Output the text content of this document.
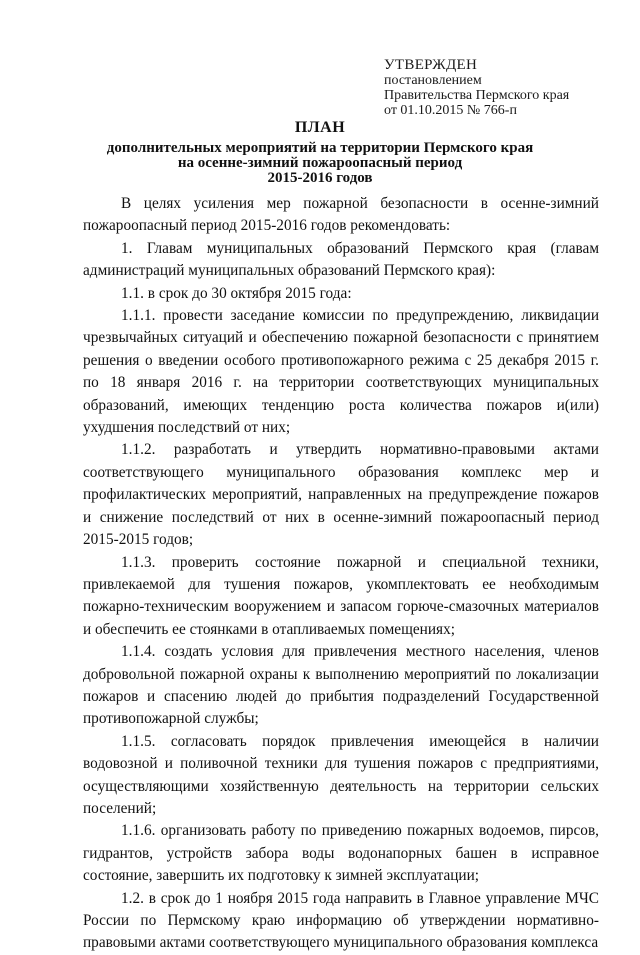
УТВЕРЖДЕН
постановлением
Правительства Пермского края
от 01.10.2015 № 766-п
ПЛАН
дополнительных мероприятий на территории Пермского края
на осенне-зимний пожароопасный период
2015-2016 годов

В целях усиления мер пожарной безопасности в осенне-зимний пожароопасный период 2015-2016 годов рекомендовать:

1. Главам муниципальных образований Пермского края (главам администраций муниципальных образований Пермского края):

1.1. в срок до 30 октября 2015 года:

1.1.1. провести заседание комиссии по предупреждению, ликвидации чрезвычайных ситуаций и обеспечению пожарной безопасности с принятием решения о введении особого противопожарного режима с 25 декабря 2015 г. по 18 января 2016 г. на территории соответствующих муниципальных образований, имеющих тенденцию роста количества пожаров и(или) ухудшения последствий от них;

1.1.2. разработать и утвердить нормативно-правовыми актами соответствующего муниципального образования комплекс мер и профилактических мероприятий, направленных на предупреждение пожаров и снижение последствий от них в осенне-зимний пожароопасный период 2015-2015 годов;

1.1.3. проверить состояние пожарной и специальной техники, привлекаемой для тушения пожаров, укомплектовать ее необходимым пожарно-техническим вооружением и запасом горюче-смазочных материалов и обеспечить ее стоянками в отапливаемых помещениях;

1.1.4. создать условия для привлечения местного населения, членов добровольной пожарной охраны к выполнению мероприятий по локализации пожаров и спасению людей до прибытия подразделений Государственной противопожарной службы;

1.1.5. согласовать порядок привлечения имеющейся в наличии водовозной и поливочной техники для тушения пожаров с предприятиями, осуществляющими хозяйственную деятельность на территории сельских поселений;

1.1.6. организовать работу по приведению пожарных водоемов, пирсов, гидрантов, устройств забора воды водонапорных башен в исправное состояние, завершить их подготовку к зимней эксплуатации;

1.2. в срок до 1 ноября 2015 года направить в Главное управление МЧС России по Пермскому краю информацию об утверждении нормативно-правовыми актами соответствующего муниципального образования комплекса
